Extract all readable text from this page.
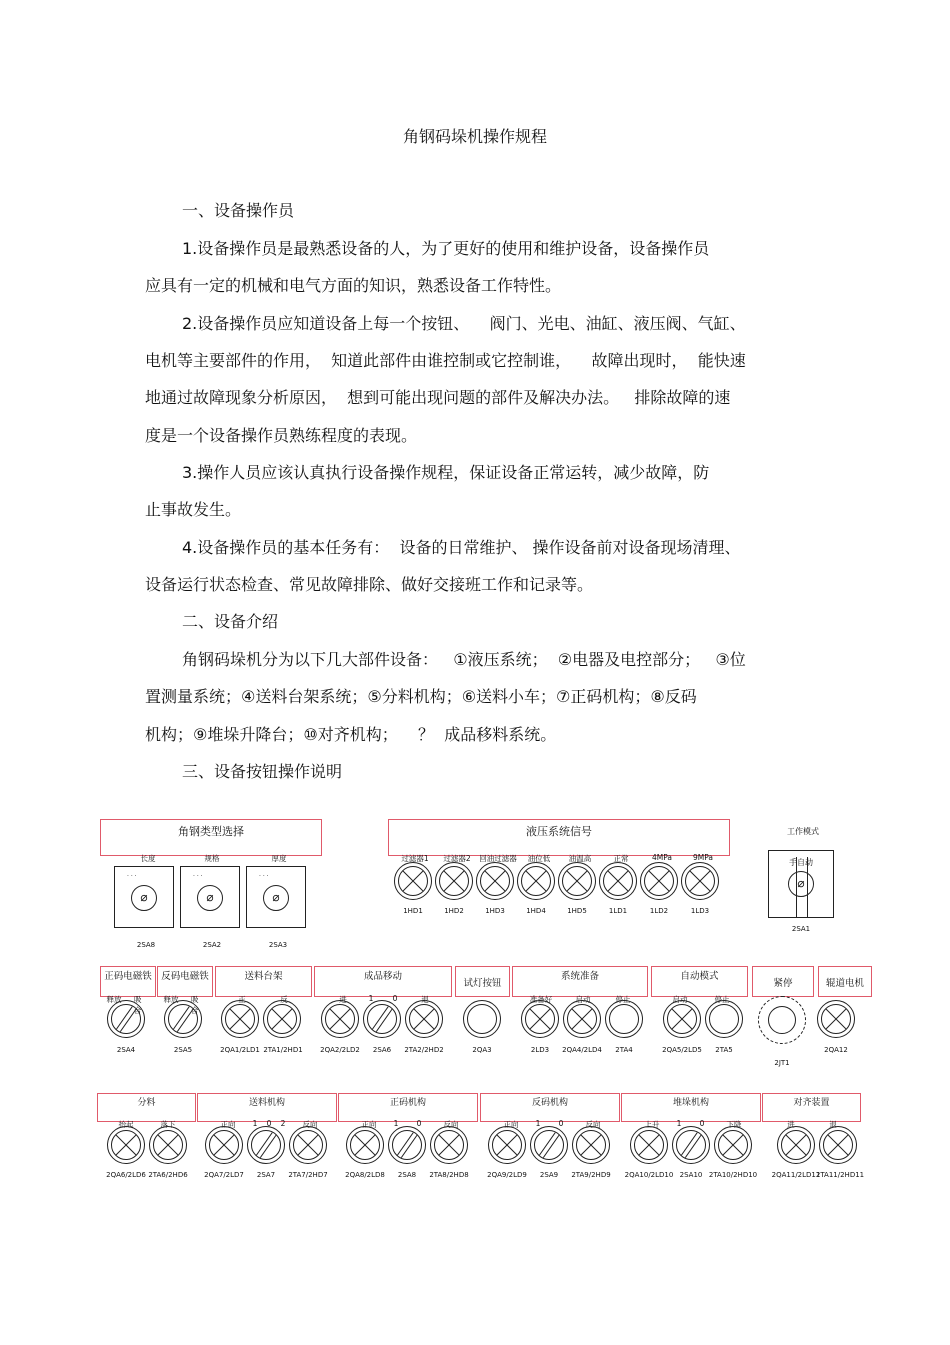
角钢码垛机操作规程
一、设备操作员
1.设备操作员是最熟悉设备的人，为了更好的使用和维护设备，设备操作员
应具有一定的机械和电气方面的知识，熟悉设备工作特性。
2.设备操作员应知道设备上每一个按钮、    阀门、光电、油缸、液压阀、气缸、
电机等主要部件的作用，  知道此部件由谁控制或它控制谁，    故障出现时，  能快速
地通过故障现象分析原因，  想到可能出现问题的部件及解决办法。   排除故障的速
度是一个设备操作员熟练程度的表现。
3.操作人员应该认真执行设备操作规程，保证设备正常运转，减少故障，防
止事故发生。
4.设备操作员的基本任务有：  设备的日常维护、 操作设备前对设备现场清理、
设备运行状态检查、常见故障排除、做好交接班工作和记录等。
二、设备介绍
角钢码垛机分为以下几大部件设备：   ①液压系统；  ②电器及电控部分；   ③位
置测量系统；④送料台架系统；⑤分料机构；⑥送料小车；⑦正码机构；⑧反码
机构；⑨堆垛升降台；⑩对齐机构；    ？  成品移料系统。
三、设备按钮操作说明
角钢类型选择
长度	规格	厚度
⌀
· · ·
⌀	· · ·
⌀	· · ·
2SA8	2SA2	2SA3
液压系统信号
过滤器1 过滤器2 回油过滤器 油位低 油温高	正常	4MPa	9MPa
1HD1	1HD2	1HD3	1HD4	1HD5	1LD1	1LD2	1LD3
工作模式
⌀
手自动
2SA1
正码电磁铁
释放 吸合
反码电磁铁
释放 吸合
送料台架
正	反
成品移动
进	1	0	退
试灯按钮
系统准备
准备好	启动	停止
自动模式
启动	停止
紧停	辊道电机
2SA4	2SA5	2QA1/2LD1 2TA1/2HD1 2QA2/2LD2 2SA6 2TA2/2HD2	2QA3	2LD3 2QA4/2LD4 2TA4	2QA5/2LD5 2TA5
2JT1
2QA12
分料
抬起	落下
送料机构
正向 1 0 2 反向
正码机构
正向 1 0	反向
反码机构
正向 1 0	反向
堆垛机构
上升 1 0	下降
对齐装置
进	退
2QA6/2LD6 2TA6/2HD6 2QA7/2LD7 2SA7 2TA7/2HD7 2QA8/2LD8 2SA8 2TA8/2HD8	2QA9/2LD9 2SA9 2TA9/2HD9 2QA10/2LD10 2SA10 2TA10/2HD10 2QA11/2LD11
2TA11/2HD11
